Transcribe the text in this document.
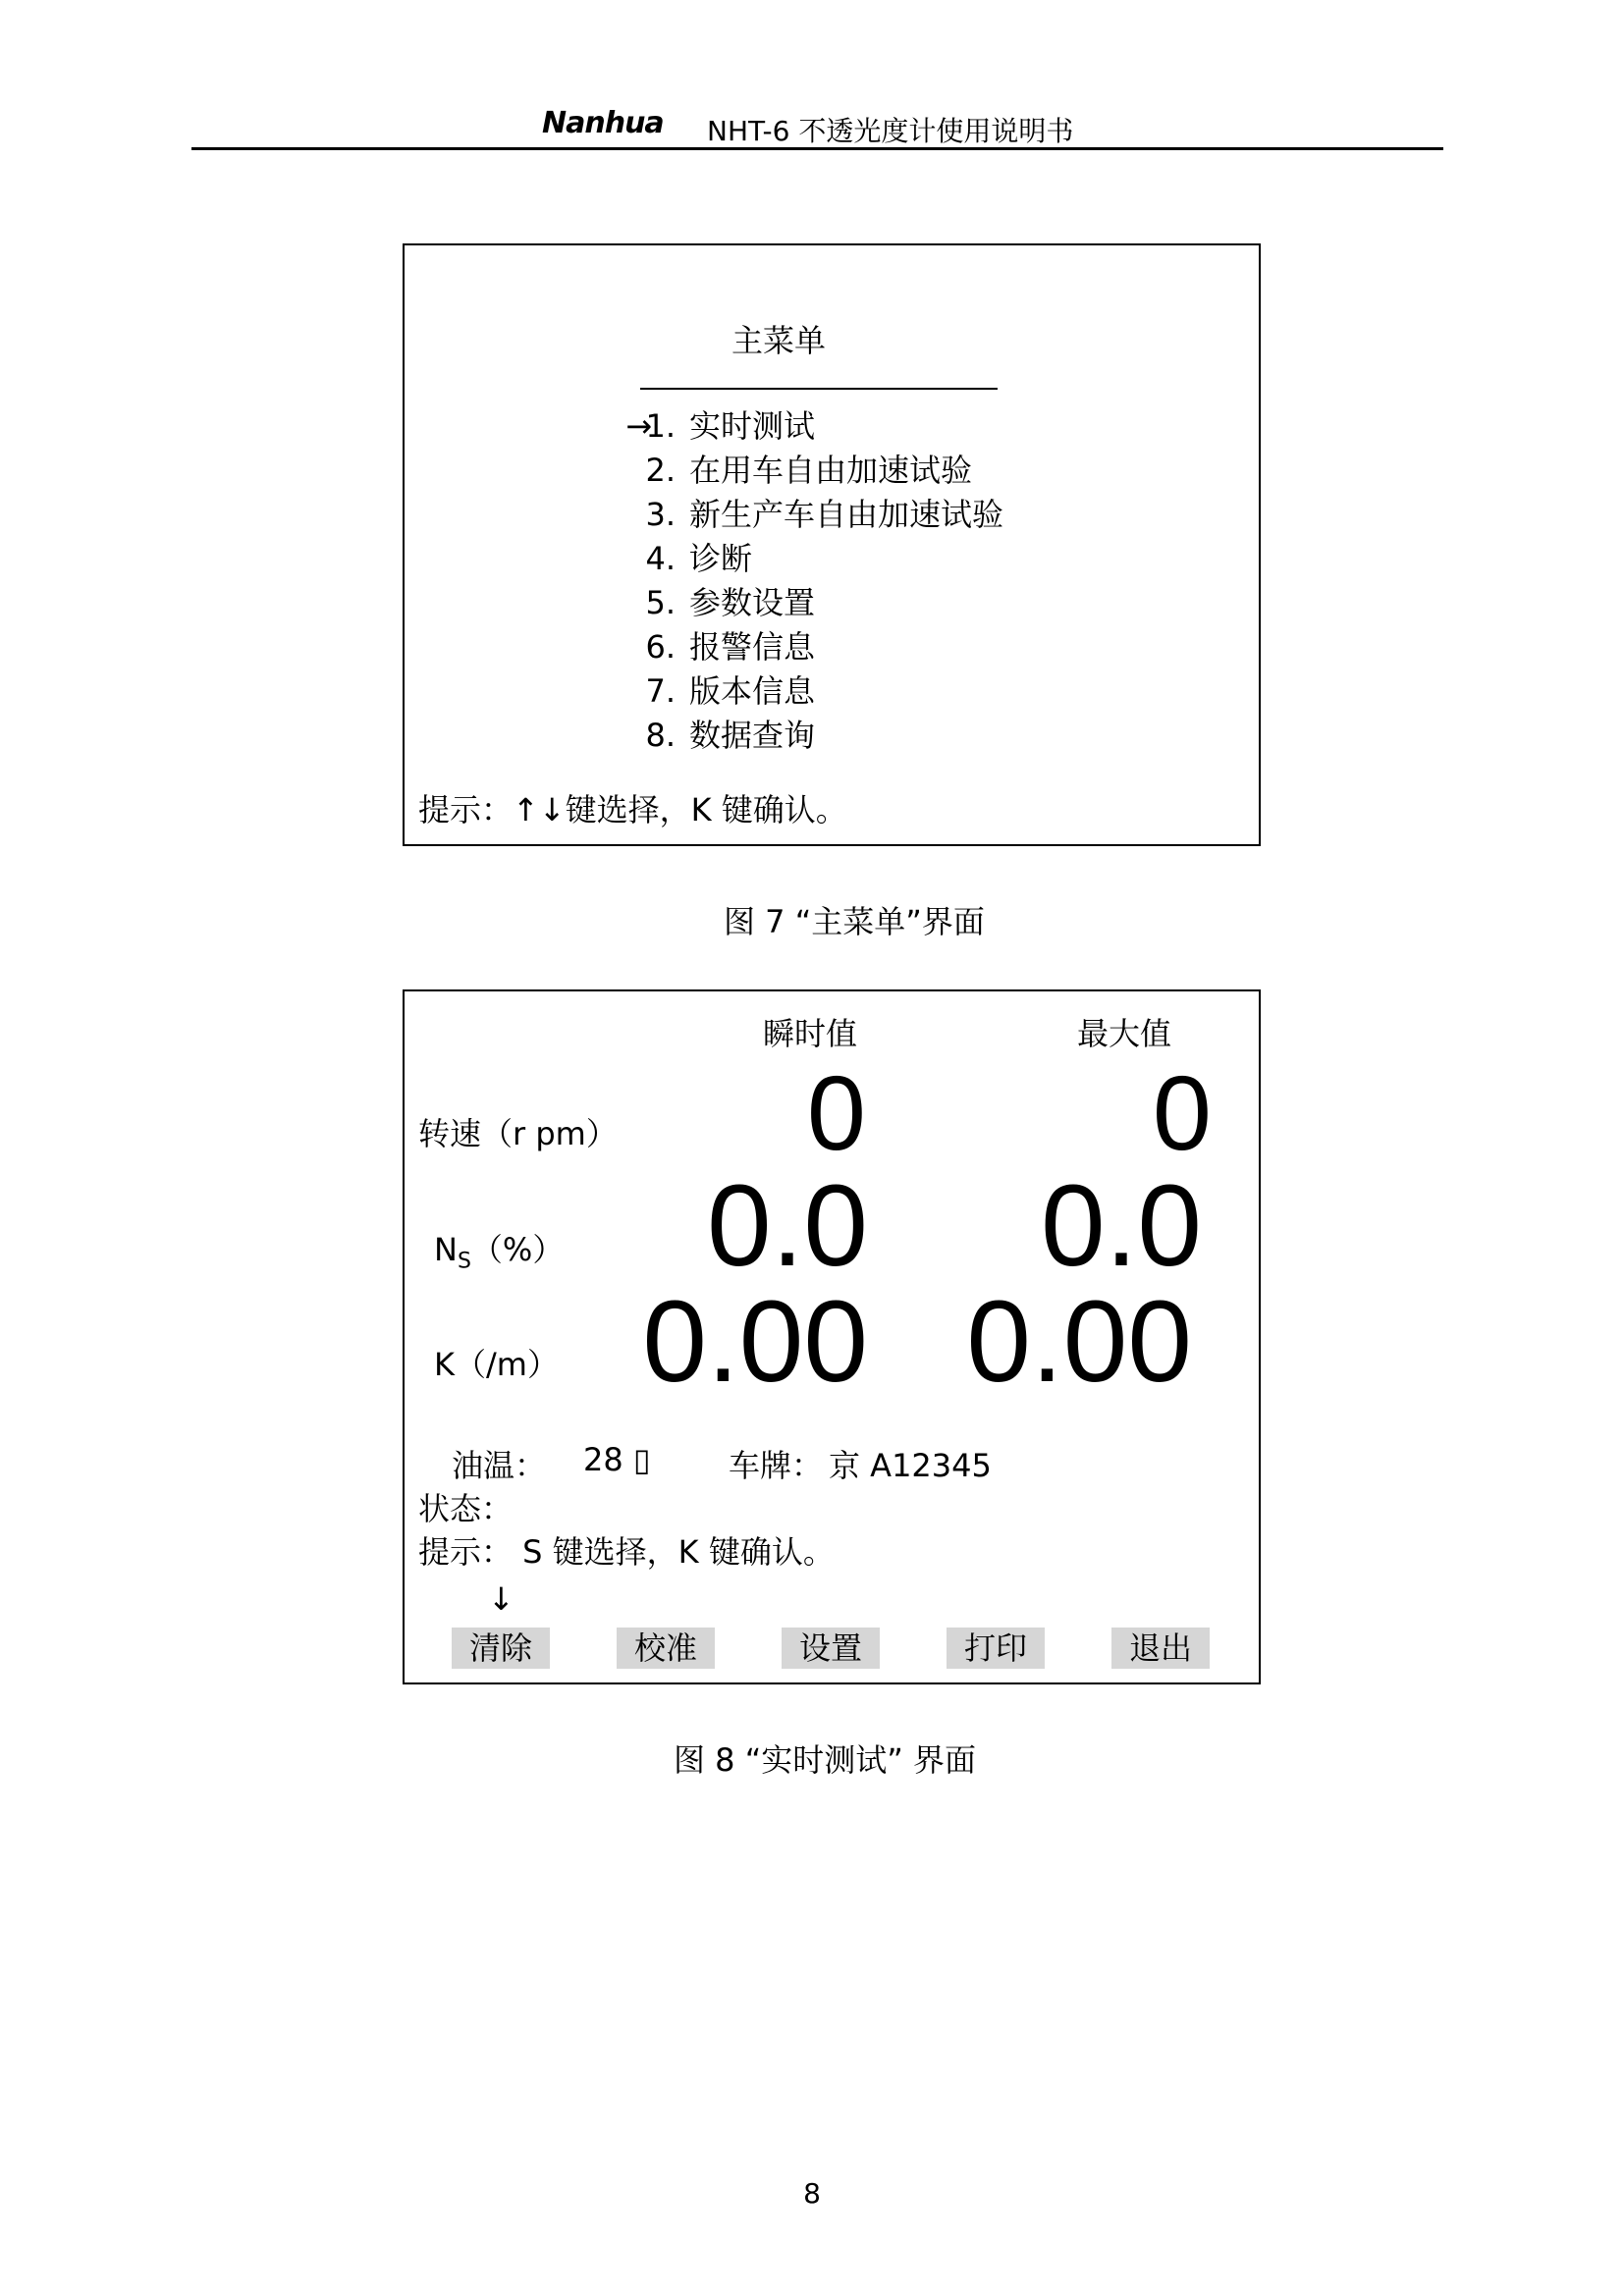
Nanhua NHT-6 不透光度计使用说明书
主菜单
→
1. 实时测试
2. 在用车自由加速试验
3. 新生产车自由加速试验
4. 诊断
5. 参数设置
6. 报警信息
7. 版本信息
8. 数据查询
提示：↑↓键选择，K 键确认。
图 7 “主菜单”界面
瞬时值	最大值
转速（r pm）	0	0
$N_S(\%)$	0.0	0.0
K（/m） 0.00 0.00
油温： 28 ▯ 车牌： 京 A12345
状态：
提示： S 键选择，K 键确认。
↓
清除	校准	设置	打印	退出
图 8 “实时测试” 界面
8
